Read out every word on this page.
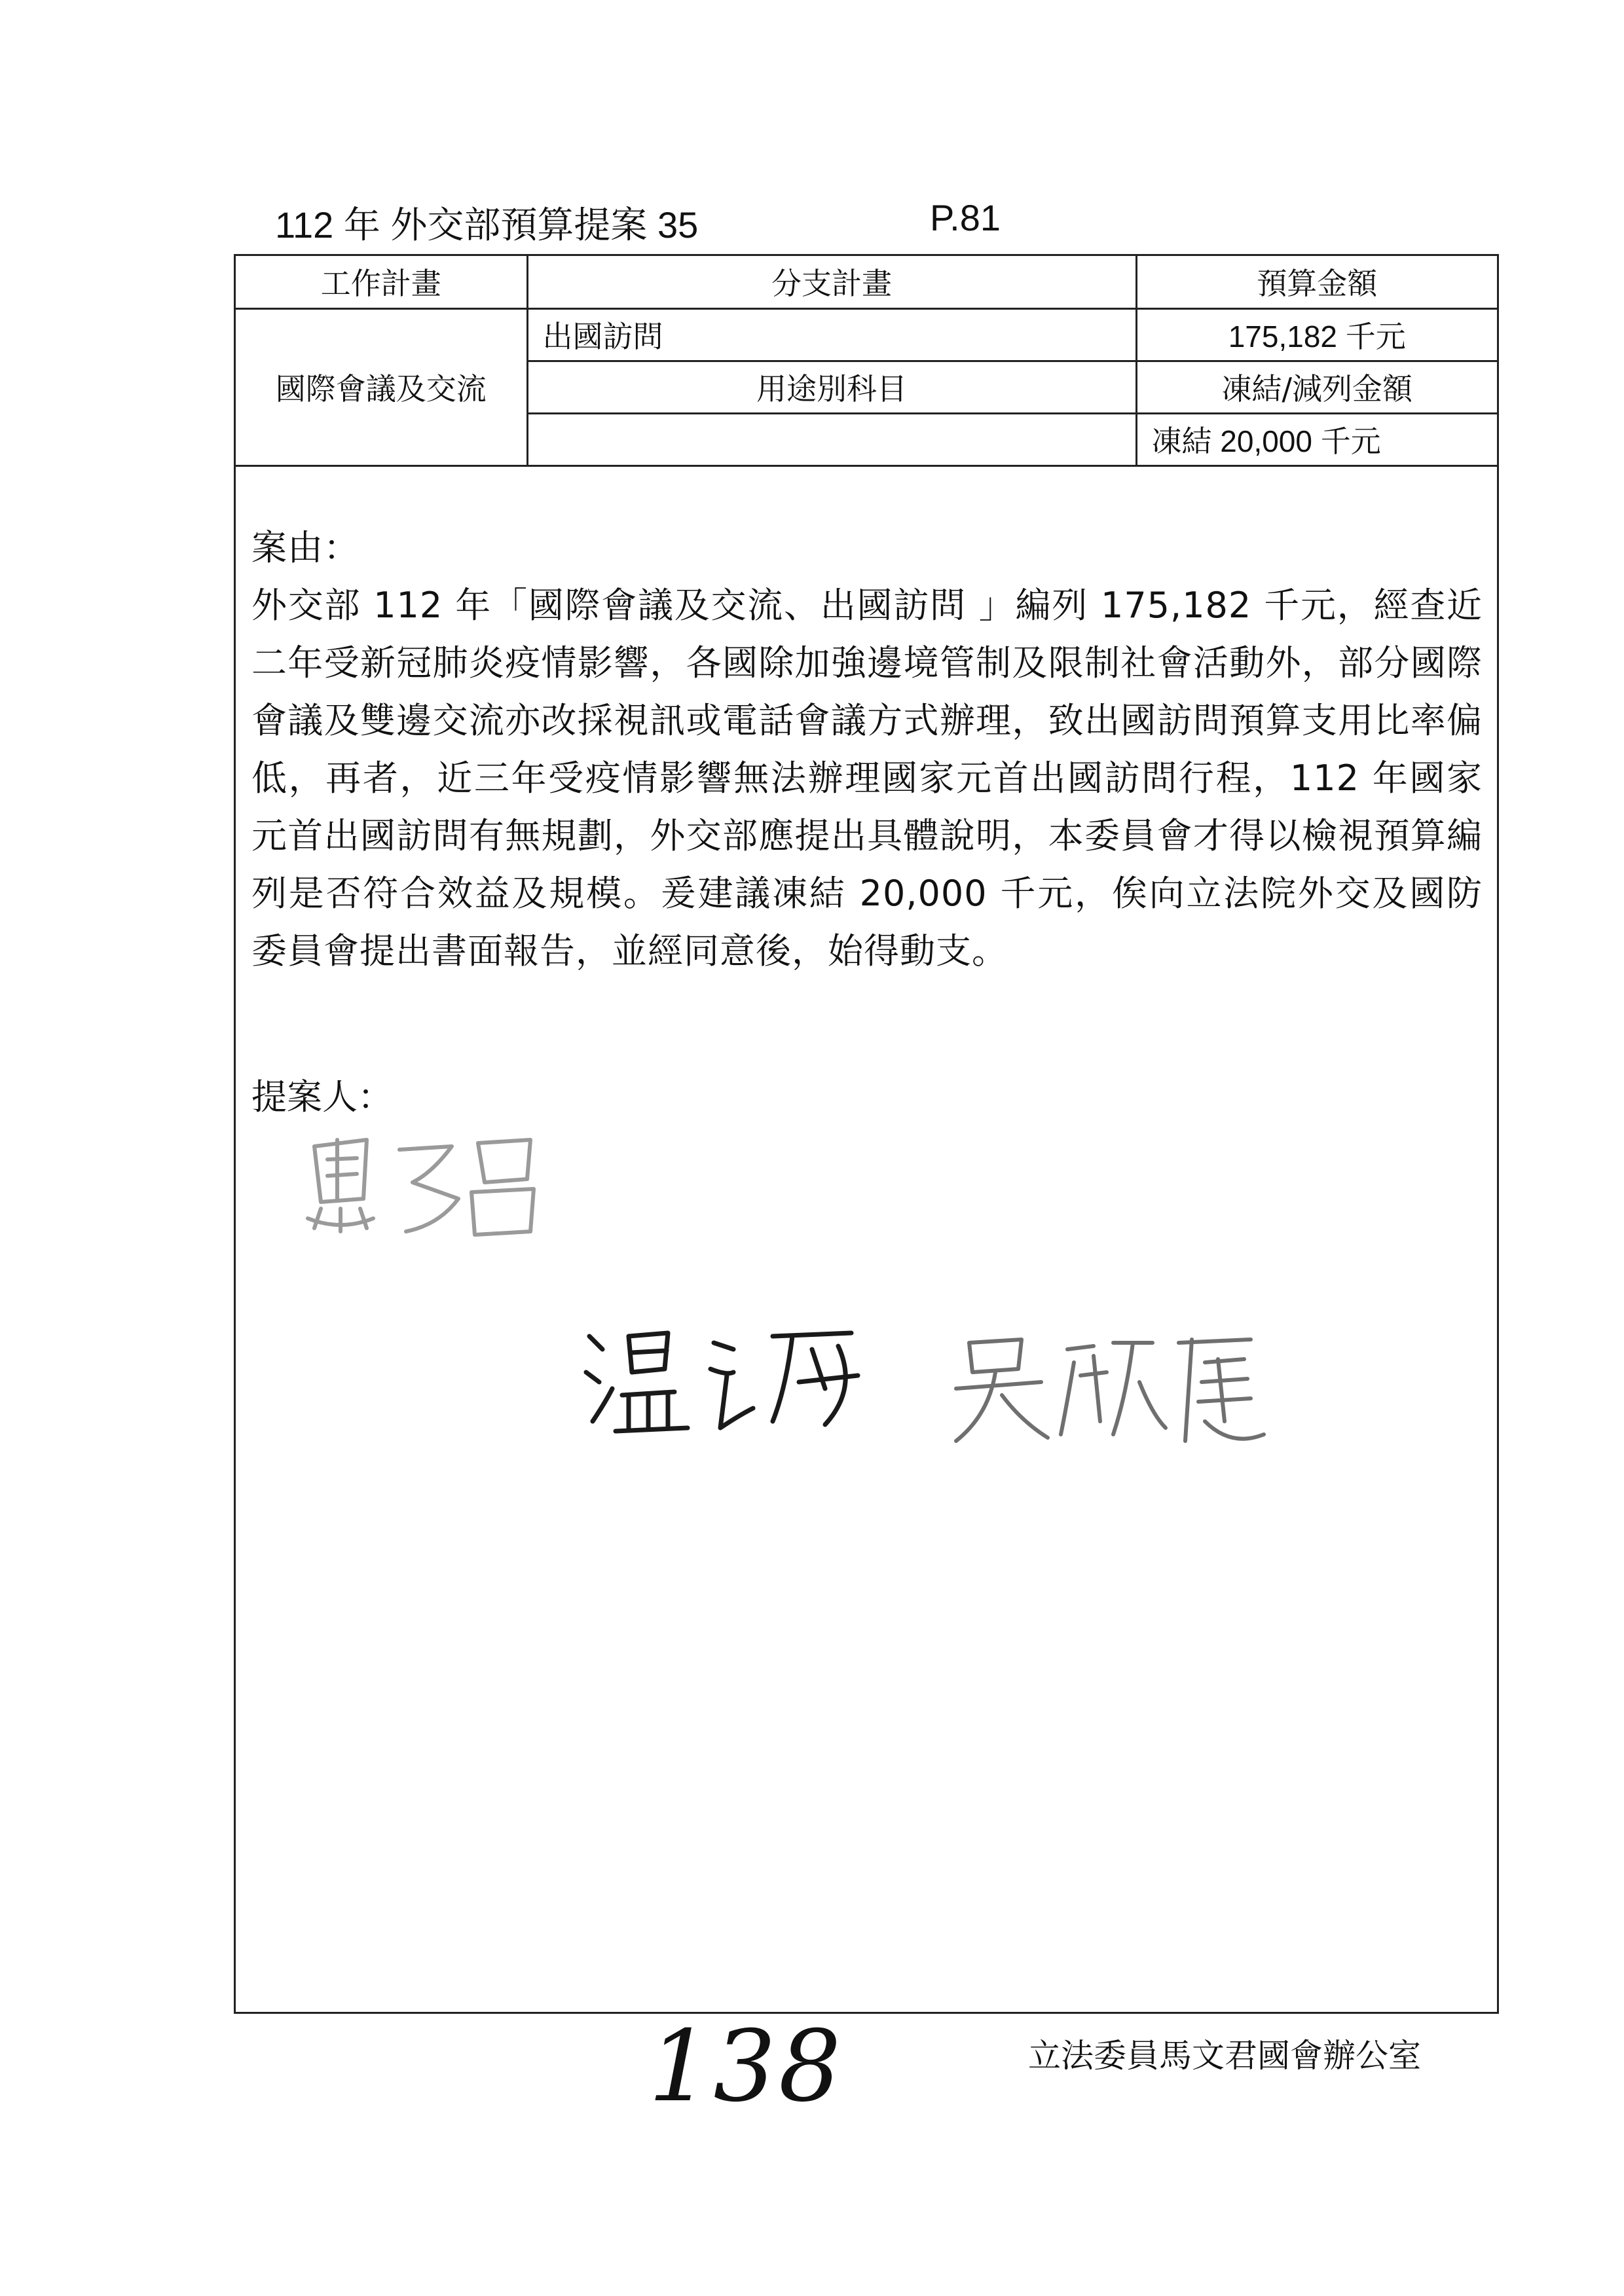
112 年 外交部預算提案 35	P.81
工作計畫	分支計畫	預算金額
國際會議及交流	出國訪問	175,182 千元
	用途別科目	凍結/減列金額
		凍結 20,000 千元
案由：

外交部 112 年「國際會議及交流、出國訪問 」編列 175,182 千元，經查近二年受新冠肺炎疫情影響，各國除加強邊境管制及限制社會活動外，部分國際會議及雙邊交流亦改採視訊或電話會議方式辦理，致出國訪問預算支用比率偏低，再者，近三年受疫情影響無法辦理國家元首出國訪問行程，112 年國家元首出國訪問有無規劃，外交部應提出具體說明，本委員會才得以檢視預算編列是否符合效益及規模。爰建議凍結 20,000 千元，俟向立法院外交及國防委員會提出書面報告，並經同意後，始得動支。

提案人：
138	立法委員馬文君國會辦公室
